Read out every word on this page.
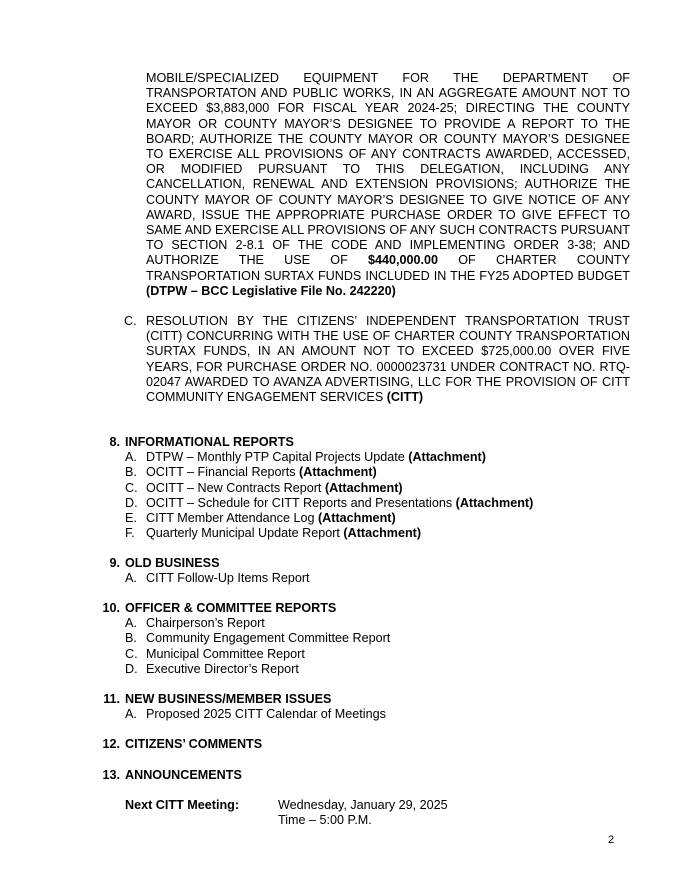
MOBILE/SPECIALIZED EQUIPMENT FOR THE DEPARTMENT OF TRANSPORTATON AND PUBLIC WORKS, IN AN AGGREGATE AMOUNT NOT TO EXCEED $3,883,000 FOR FISCAL YEAR 2024-25; DIRECTING THE COUNTY MAYOR OR COUNTY MAYOR’S DESIGNEE TO PROVIDE A REPORT TO THE BOARD; AUTHORIZE THE COUNTY MAYOR OR COUNTY MAYOR’S DESIGNEE TO EXERCISE ALL PROVISIONS OF ANY CONTRACTS AWARDED, ACCESSED, OR MODIFIED PURSUANT TO THIS DELEGATION, INCLUDING ANY CANCELLATION, RENEWAL AND EXTENSION PROVISIONS; AUTHORIZE THE COUNTY MAYOR OF COUNTY MAYOR’S DESIGNEE TO GIVE NOTICE OF ANY AWARD, ISSUE THE APPROPRIATE PURCHASE ORDER TO GIVE EFFECT TO SAME AND EXERCISE ALL PROVISIONS OF ANY SUCH CONTRACTS PURSUANT TO SECTION 2-8.1 OF THE CODE AND IMPLEMENTING ORDER 3-38; AND AUTHORIZE THE USE OF $440,000.00 OF CHARTER COUNTY TRANSPORTATION SURTAX FUNDS INCLUDED IN THE FY25 ADOPTED BUDGET (DTPW – BCC Legislative File No. 242220)
C. RESOLUTION BY THE CITIZENS’ INDEPENDENT TRANSPORTATION TRUST (CITT) CONCURRING WITH THE USE OF CHARTER COUNTY TRANSPORTATION SURTAX FUNDS, IN AN AMOUNT NOT TO EXCEED $725,000.00 OVER FIVE YEARS, FOR PURCHASE ORDER NO. 0000023731 UNDER CONTRACT NO. RTQ-02047 AWARDED TO AVANZA ADVERTISING, LLC FOR THE PROVISION OF CITT COMMUNITY ENGAGEMENT SERVICES (CITT)
8. INFORMATIONAL REPORTS
A. DTPW – Monthly PTP Capital Projects Update (Attachment)
B. OCITT – Financial Reports (Attachment)
C. OCITT – New Contracts Report (Attachment)
D. OCITT – Schedule for CITT Reports and Presentations (Attachment)
E. CITT Member Attendance Log (Attachment)
F. Quarterly Municipal Update Report (Attachment)
9. OLD BUSINESS
A. CITT Follow-Up Items Report
10. OFFICER & COMMITTEE REPORTS
A. Chairperson’s Report
B. Community Engagement Committee Report
C. Municipal Committee Report
D. Executive Director’s Report
11. NEW BUSINESS/MEMBER ISSUES
A. Proposed 2025 CITT Calendar of Meetings
12. CITIZENS’ COMMENTS
13. ANNOUNCEMENTS
Next CITT Meeting:	Wednesday, January 29, 2025
Time – 5:00 P.M.
2
